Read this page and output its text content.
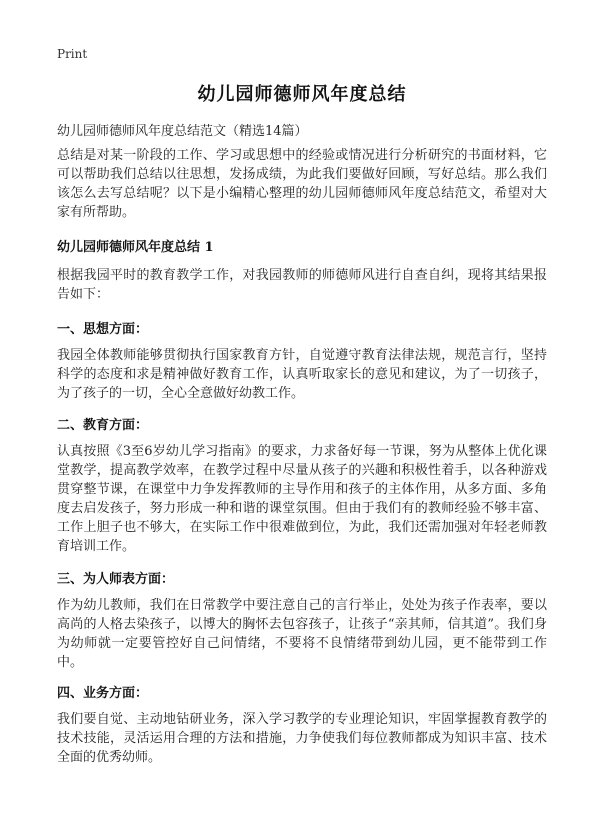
Print
幼儿园师德师风年度总结

幼儿园师德师风年度总结范文（精选14篇）

总结是对某一阶段的工作、学习或思想中的经验或情况进行分析研究的书面材料，它可以帮助我们总结以往思想，发扬成绩，为此我们要做好回顾，写好总结。那么我们该怎么去写总结呢？以下是小编精心整理的幼儿园师德师风年度总结范文，希望对大家有所帮助。

幼儿园师德师风年度总结 1

根据我园平时的教育教学工作，对我园教师的师德师风进行自查自纠，现将其结果报告如下：

一、思想方面：

我园全体教师能够贯彻执行国家教育方针，自觉遵守教育法律法规，规范言行，坚持科学的态度和求是精神做好教育工作，认真听取家长的意见和建议，为了一切孩子，为了孩子的一切，全心全意做好幼教工作。

二、教育方面：

认真按照《3至6岁幼儿学习指南》的要求，力求备好每一节课，努为从整体上优化课堂教学，提高教学效率，在教学过程中尽量从孩子的兴趣和积极性着手，以各种游戏贯穿整节课，在课堂中力争发挥教师的主导作用和孩子的主体作用，从多方面、多角度去启发孩子，努力形成一种和谐的课堂氛围。但由于我们有的教师经验不够丰富、工作上胆子也不够大，在实际工作中很难做到位，为此，我们还需加强对年轻老师教育培训工作。

三、为人师表方面：

作为幼儿教师，我们在日常教学中要注意自己的言行举止，处处为孩子作表率，要以高尚的人格去染孩子，以博大的胸怀去包容孩子，让孩子“亲其师，信其道”。我们身为幼师就一定要管控好自己问情绪，不要将不良情绪带到幼儿园，更不能带到工作中。

四、业务方面：

我们要自觉、主动地钻研业务，深入学习教学的专业理论知识，牢固掌握教育教学的技术技能，灵活运用合理的方法和措施，力争使我们每位教师都成为知识丰富、技术全面的优秀幼师。
